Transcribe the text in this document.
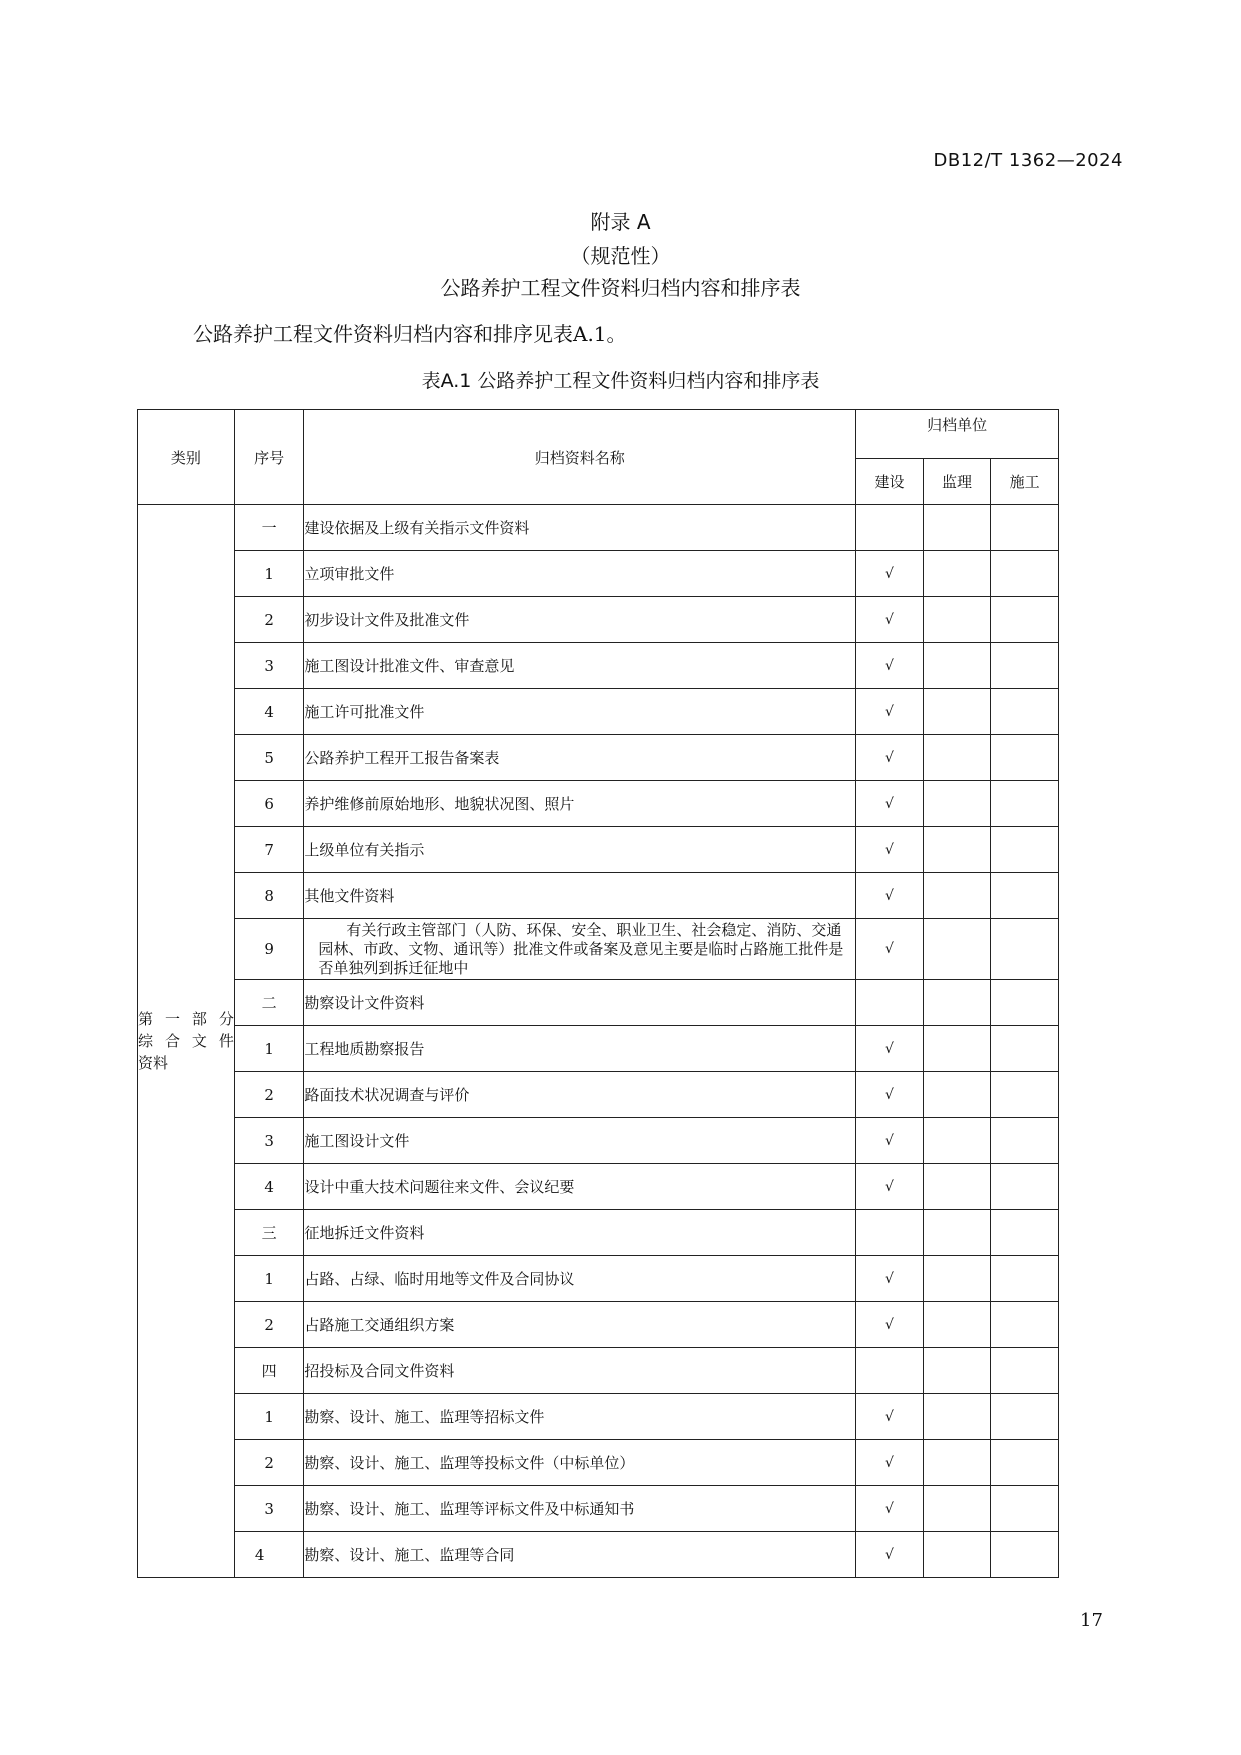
DB12/T 1362—2024
附录 A
（规范性）
公路养护工程文件资料归档内容和排序表
公路养护工程文件资料归档内容和排序见表A.1。
表A.1 公路养护工程文件资料归档内容和排序表
类别	序号	归档资料名称	归档单位		
			建设	监理	施工

第 一 部 分
综 合 文 件
资料	一	建设依据及上级有关指示文件资料			
	1	立项审批文件	√		
	2	初步设计文件及批准文件	√		
	3	施工图设计批准文件、审查意见	√		
	4	施工许可批准文件	√		
	5	公路养护工程开工报告备案表	√		
	6	养护维修前原始地形、地貌状况图、照片	√		
	7	上级单位有关指示	√		
	8	其他文件资料	√		
	9	有关行政主管部门（人防、环保、安全、职业卫生、社会稳定、消防、交通园林、市政、文物、通讯等）批准文件或备案及意见主要是临时占路施工批件是否单独列到拆迁征地中	√		
	二	勘察设计文件资料			
	1	工程地质勘察报告	√		
	2	路面技术状况调查与评价	√		
	3	施工图设计文件	√		
	4	设计中重大技术问题往来文件、会议纪要	√		
	三	征地拆迁文件资料			
	1	占路、占绿、临时用地等文件及合同协议	√		
	2	占路施工交通组织方案	√		
	四	招投标及合同文件资料			
	1	勘察、设计、施工、监理等招标文件	√		
	2	勘察、设计、施工、监理等投标文件（中标单位）	√		
	3	勘察、设计、施工、监理等评标文件及中标通知书	√		
	4	勘察、设计、施工、监理等合同	√		
17
